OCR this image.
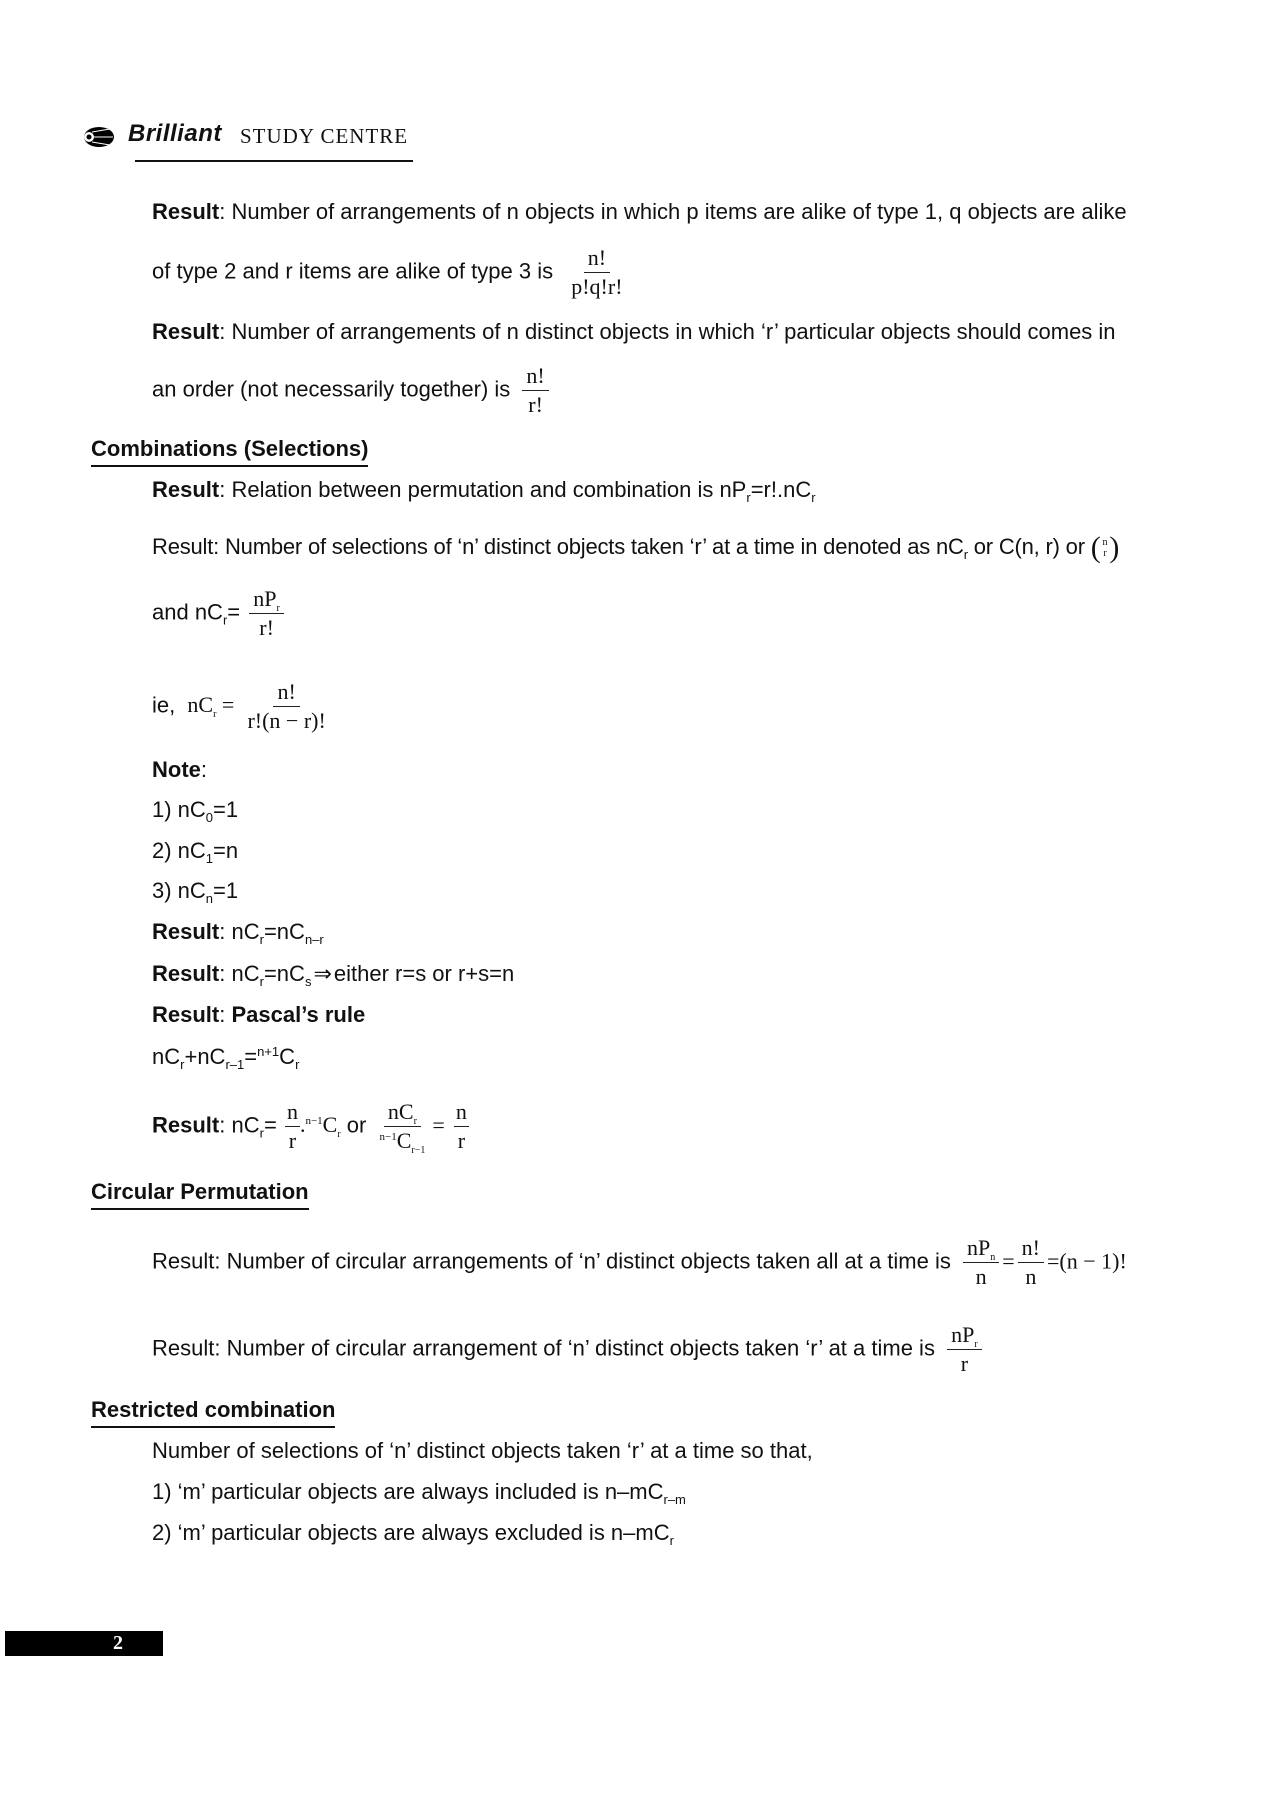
Brilliant STUDY CENTRE
Result: Number of arrangements of n objects in which p items are alike of type 1, q objects are alike
of type 2 and r items are alike of type 3 is $\frac{n!}{p!q!r!}$
Result: Number of arrangements of n distinct objects in which ‘r’ particular objects should comes in
an order (not necessarily together) is $\frac{n!}{r!}$
Combinations (Selections)
Result: Relation between permutation and combination is $nP_r=r!.nC_r$
Result: Number of selections of ‘n’ distinct objects taken ‘r’ at a time in denoted as $nC_r$ or C(n, r) or ( n
r )
and $nC_r= \frac{nP_r}{r!}$
ie, $nC_r = \frac{n!}{r!(n - r)!}$
Note:
1) $nC_0=1$
2) $nC_1=n$
3) $nC_n=1$
Result: $nC_r=nC_{n-r}$
Result: $nC_r=nC_s\Rightarrow either$ r=s or r+s=n
Result: Pascal’s rule
$nC_r+nC_{r-1}=^{n+1}C_r$
Result: $nC_r= \frac{n}{r} .^{n-1}C_r$ or $\frac{nC_r}{^{n-1}C_{r-1}} = \frac{n}{r}$
Circular Permutation
Result: Number of circular arrangements of ‘n’ distinct objects taken all at a time is $\frac{nP_n}{n} = \frac{n!}{n} =(n - 1)$!
Result: Number of circular arrangement of ‘n’ distinct objects taken ‘r’ at a time is $\frac{nP_r}{r}$
Restricted combination
Number of selections of ‘n’ distinct objects taken ‘r’ at a time so that,
1) ‘m’ particular objects are always included is $n-mC_{r-m}$
2) ‘m’ particular objects are always excluded is $n-mC_r$
2
